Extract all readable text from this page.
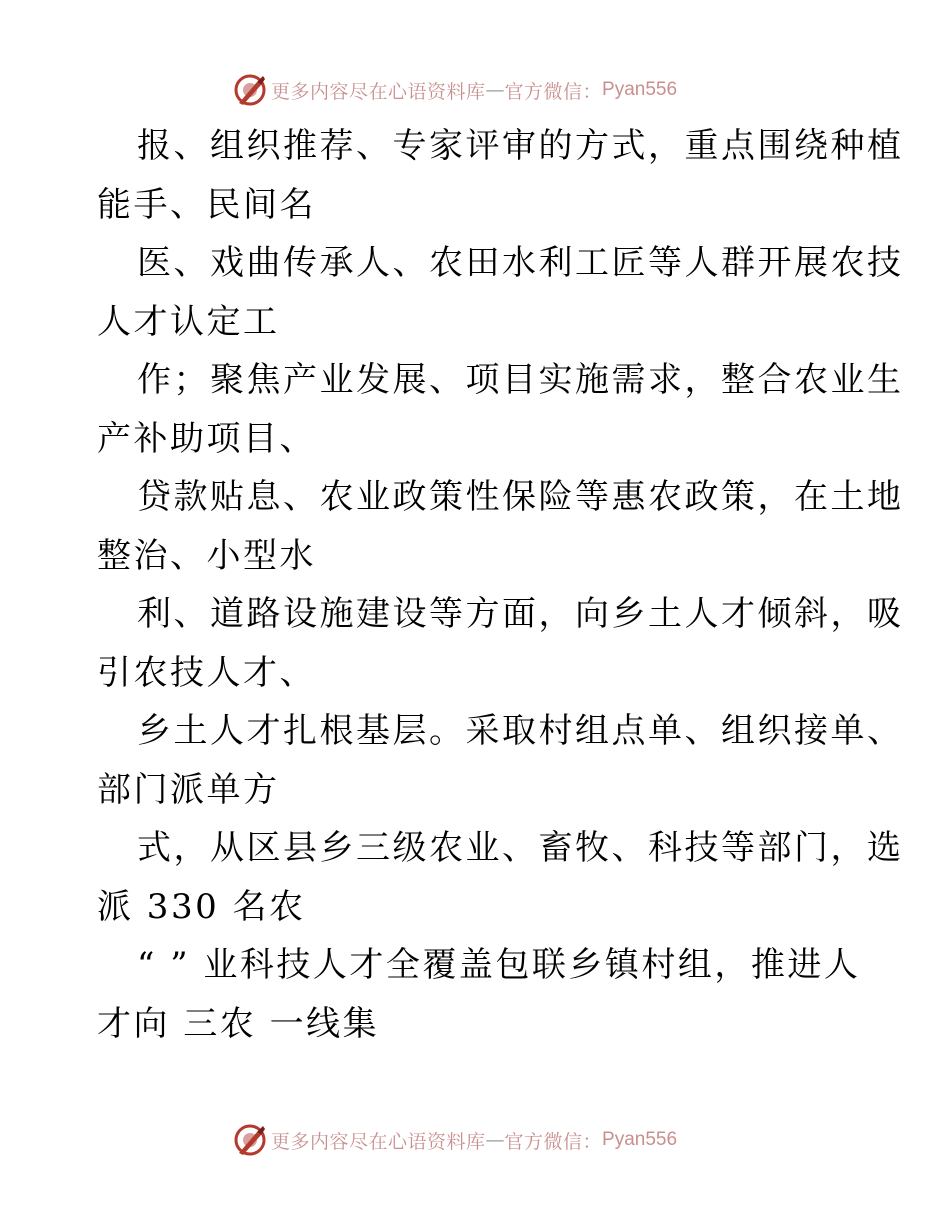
更多内容尽在心语资料库 — 官方微信： Pyan556
报、组织推荐、专家评审的方式，重点围绕种植
能手、民间名
医、戏曲传承人、农田水利工匠等人群开展农技
人才认定工
作；聚焦产业发展、项目实施需求，整合农业生
产补助项目、
贷款贴息、农业政策性保险等惠农政策，在土地
整治、小型水
利、道路设施建设等方面，向乡土人才倾斜，吸
引农技人才、
乡土人才扎根基层。采取村组点单、组织接单、
部门派单方
式，从区县乡三级农业、畜牧、科技等部门，选
派 330 名农
“ ” 业科技人才全覆盖包联乡镇村组，推进人
才向 三农 一线集
更多内容尽在心语资料库 — 官方微信： Pyan556
